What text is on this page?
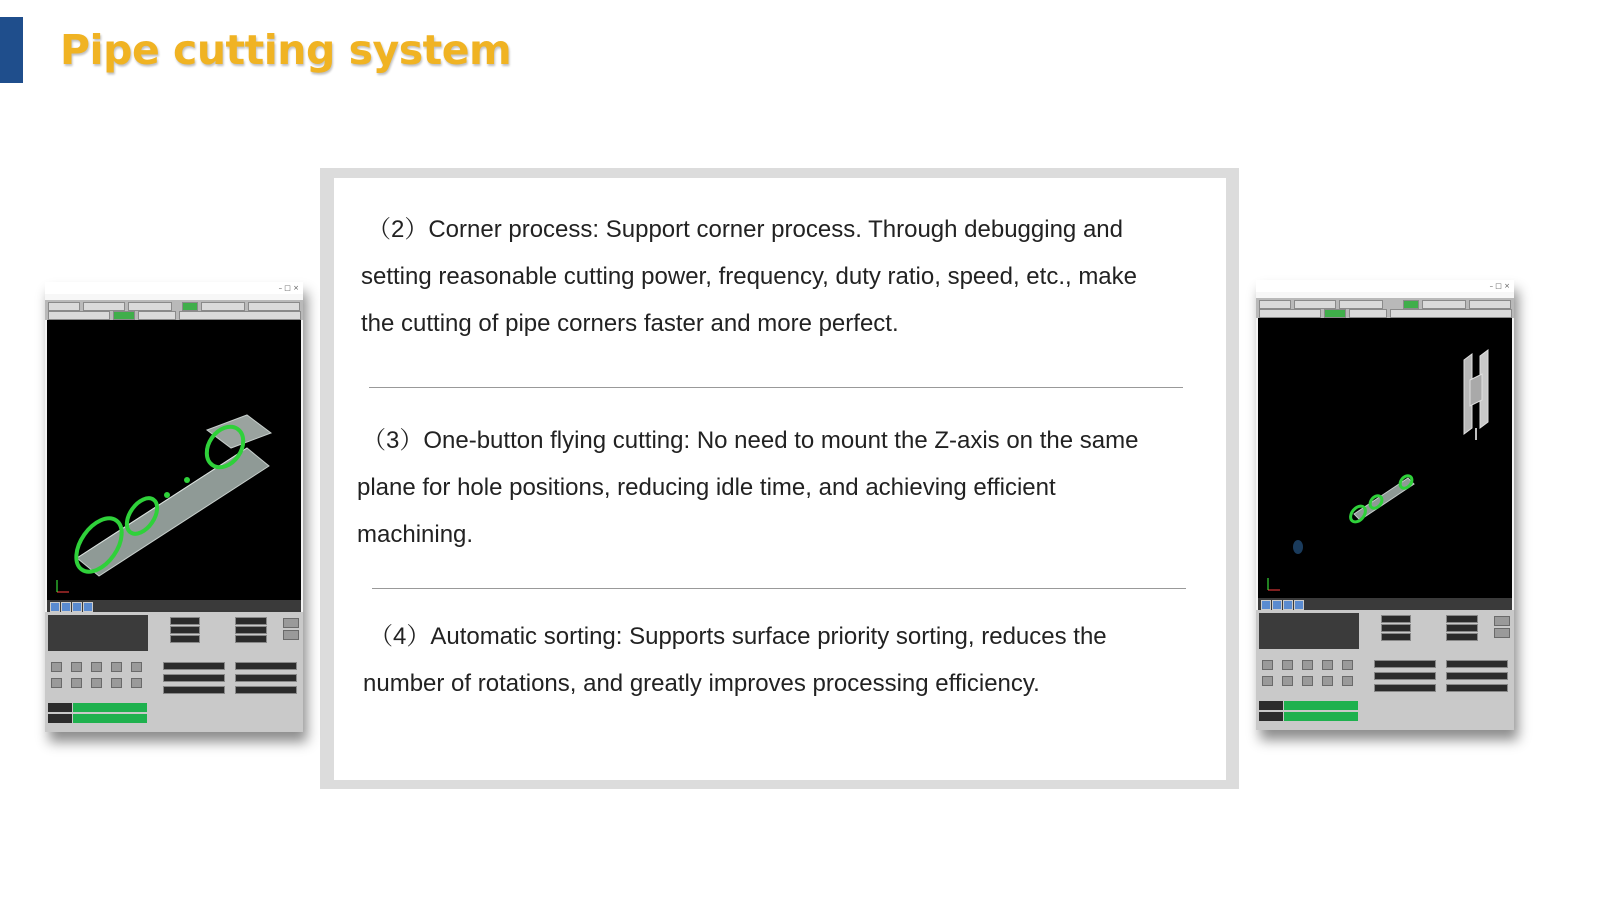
Pipe cutting system

（2）Corner process: Support corner process. Through debugging and

setting reasonable cutting power, frequency, duty ratio, speed, etc., make

the cutting of pipe corners faster and more perfect.

（3）One-button flying cutting: No need to mount the Z-axis on the same

plane for hole positions, reducing idle time, and achieving efficient

machining.

（4）Automatic sorting: Supports surface priority sorting, reduces the

number of rotations, and greatly improves processing efficiency.

– □ ×	– □ ×
